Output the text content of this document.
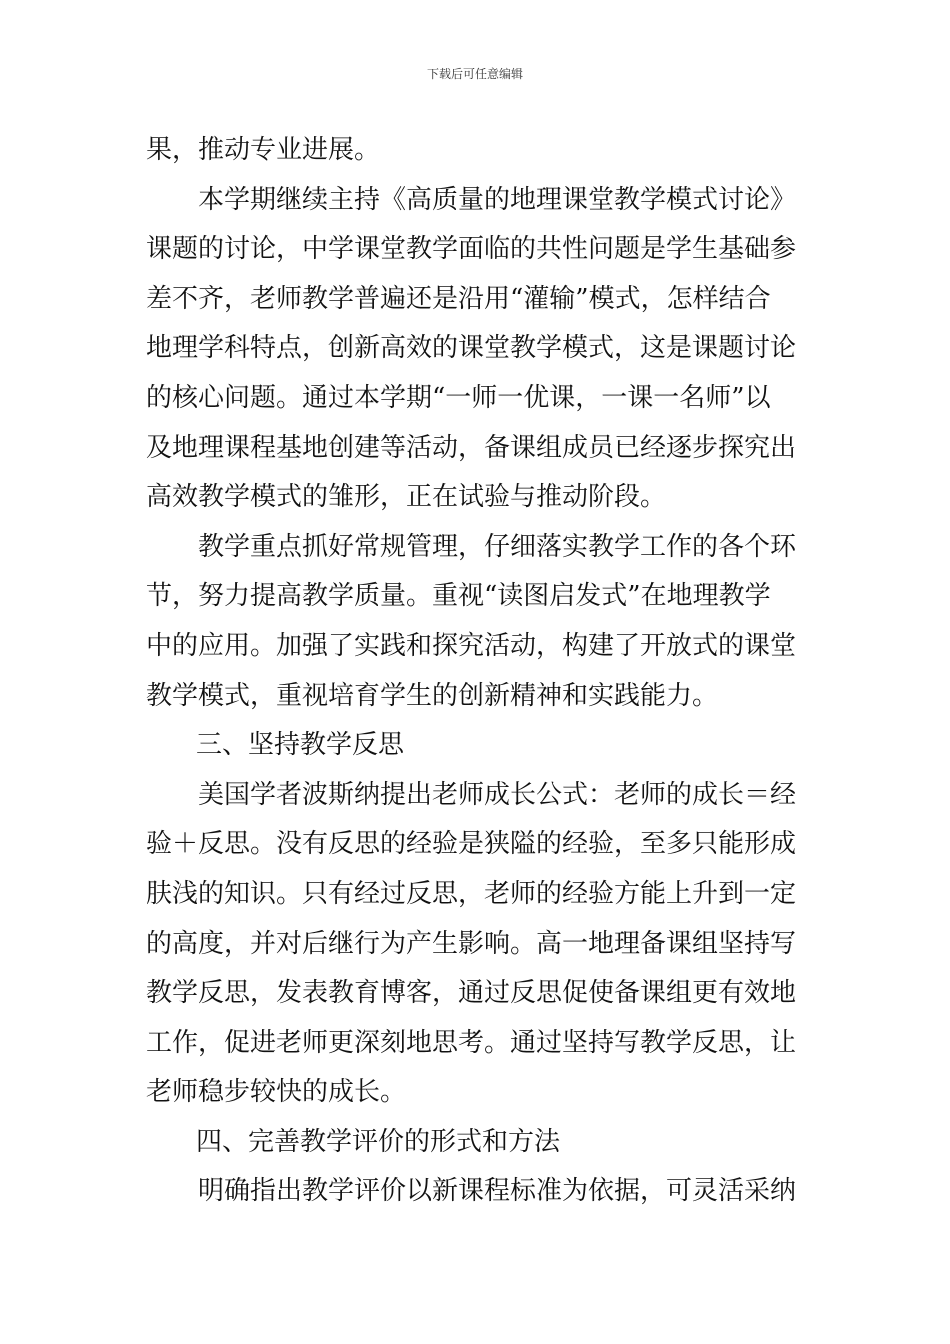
下载后可任意编辑
果，推动专业进展。
本学期继续主持《高质量的地理课堂教学模式讨论》
课题的讨论，中学课堂教学面临的共性问题是学生基础参
差不齐，老师教学普遍还是沿用“灌输”模式，怎样结合
地理学科特点，创新高效的课堂教学模式，这是课题讨论
的核心问题。通过本学期“一师一优课，一课一名师”以
及地理课程基地创建等活动，备课组成员已经逐步探究出
高效教学模式的雏形，正在试验与推动阶段。
教学重点抓好常规管理，仔细落实教学工作的各个环
节，努力提高教学质量。重视“读图启发式”在地理教学
中的应用。加强了实践和探究活动，构建了开放式的课堂
教学模式，重视培育学生的创新精神和实践能力。
三、坚持教学反思
美国学者波斯纳提出老师成长公式：老师的成长＝经
验＋反思。没有反思的经验是狭隘的经验，至多只能形成
肤浅的知识。只有经过反思，老师的经验方能上升到一定
的高度，并对后继行为产生影响。高一地理备课组坚持写
教学反思，发表教育博客，通过反思促使备课组更有效地
工作，促进老师更深刻地思考。通过坚持写教学反思，让
老师稳步较快的成长。
四、完善教学评价的形式和方法
明确指出教学评价以新课程标准为依据，可灵活采纳
